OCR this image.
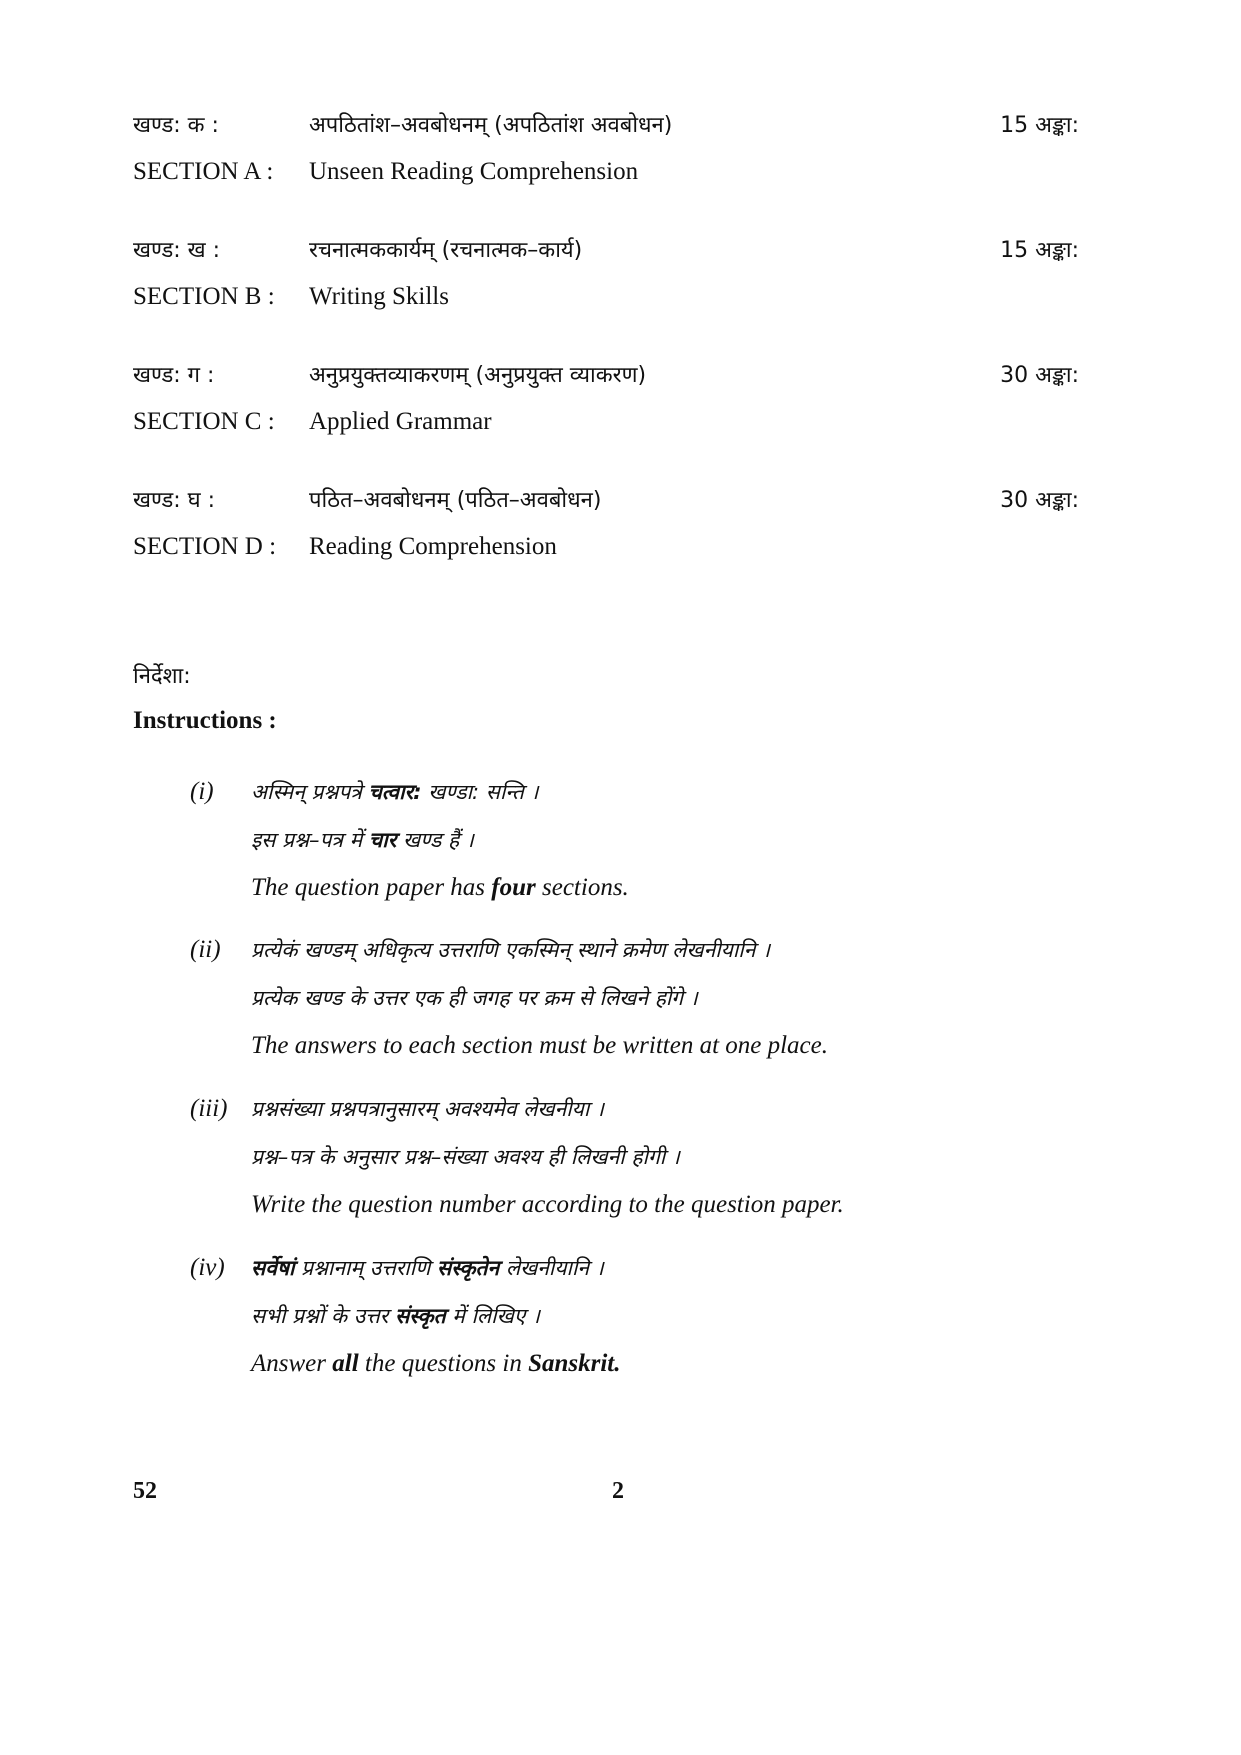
खण्ड: क :	अपठितांश–अवबोधनम् (अपठितांश अवबोधन)	15 अङ्का:
SECTION A : Unseen Reading Comprehension
खण्ड: ख :	रचनात्मककार्यम् (रचनात्मक–कार्य)	15 अङ्का:
SECTION B : Writing Skills
खण्ड: ग :	अनुप्रयुक्तव्याकरणम् (अनुप्रयुक्त व्याकरण)	30 अङ्का:
SECTION C : Applied Grammar
खण्ड: घ :	पठित–अवबोधनम् (पठित–अवबोधन)	30 अङ्का:
SECTION D : Reading Comprehension
निर्देशा:
Instructions :
(i) अस्मिन् प्रश्नपत्रे चत्वार: खण्डा: सन्ति ।
इस प्रश्न–पत्र में चार खण्ड हैं ।
The question paper has four sections.
(ii) प्रत्येकं खण्डम् अधिकृत्य उत्तराणि एकस्मिन् स्थाने क्रमेण लेखनीयानि ।
प्रत्येक खण्ड के उत्तर एक ही जगह पर क्रम से लिखने होंगे ।
The answers to each section must be written at one place.
(iii) प्रश्नसंख्या प्रश्नपत्रानुसारम् अवश्यमेव लेखनीया ।
प्रश्न–पत्र के अनुसार प्रश्न–संख्या अवश्य ही लिखनी होगी ।
Write the question number according to the question paper.
(iv) सर्वेषां प्रश्नानाम् उत्तराणि संस्कृतेन लेखनीयानि ।
सभी प्रश्नों के उत्तर संस्कृत में लिखिए ।
Answer all the questions in Sanskrit.
52	2
